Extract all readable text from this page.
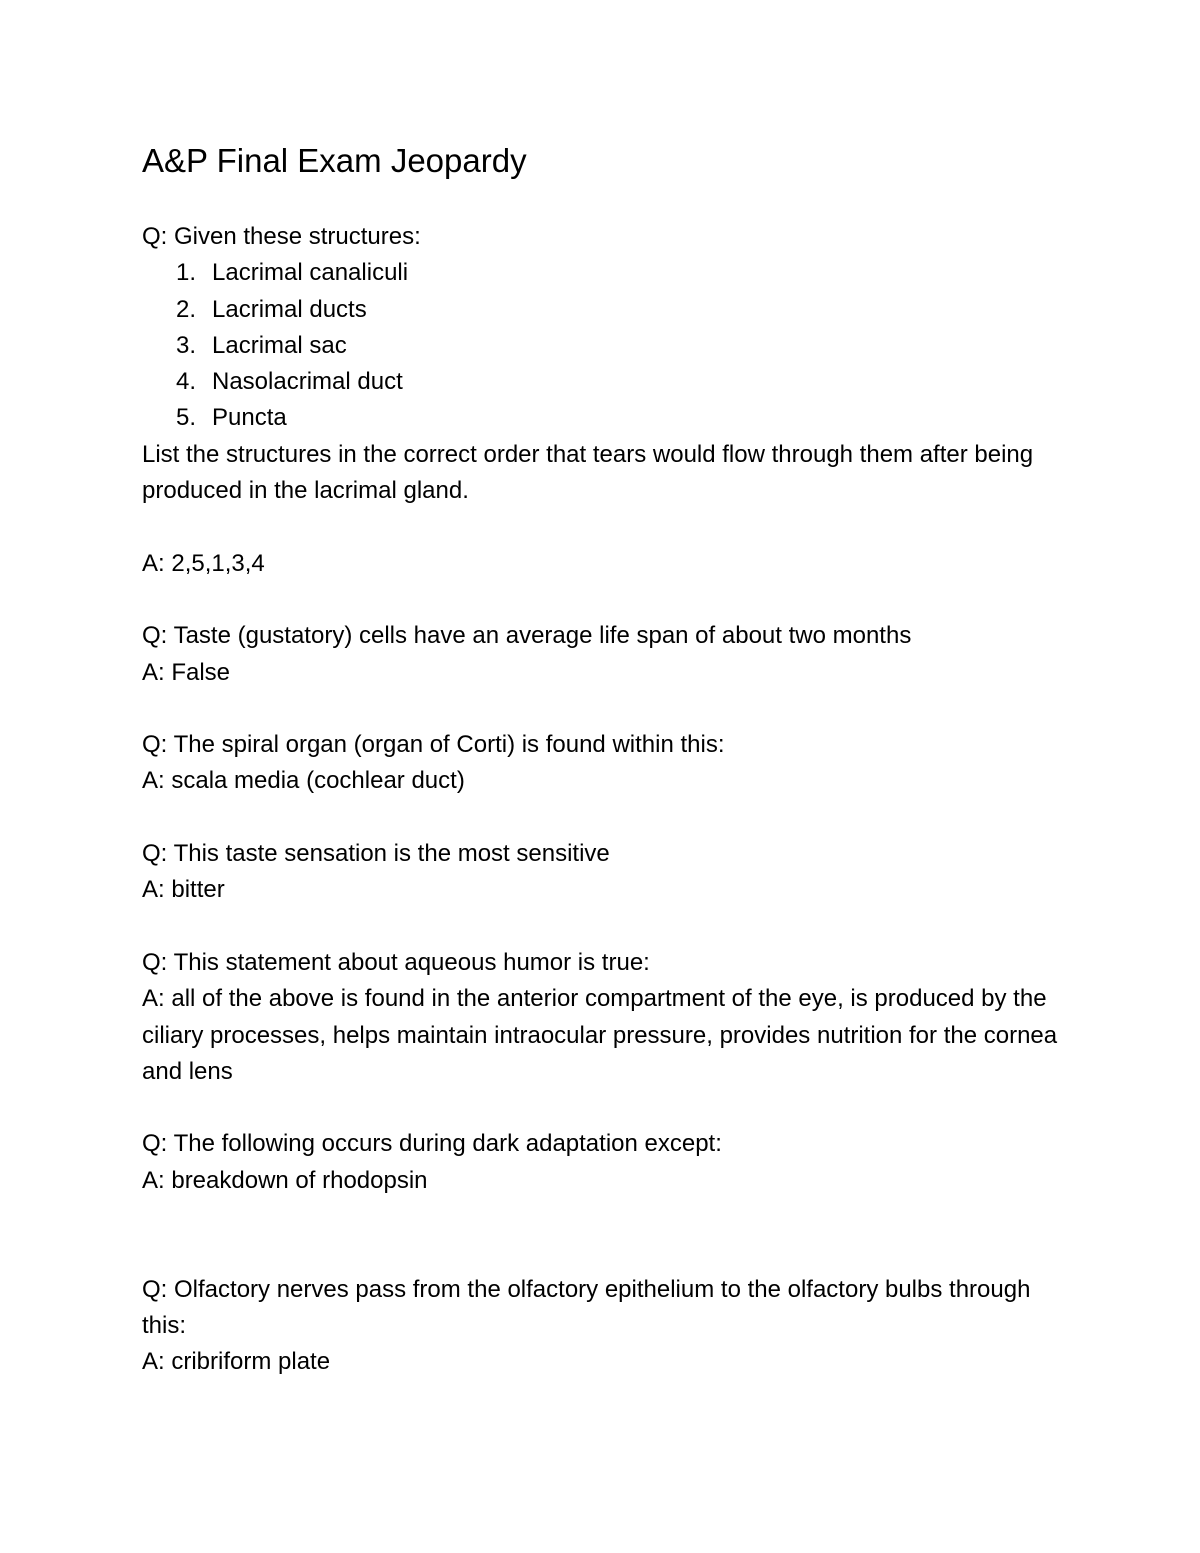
A&P Final Exam Jeopardy

Q: Given these structures:

1. Lacrimal canaliculi
2. Lacrimal ducts
3. Lacrimal sac
4. Nasolacrimal duct
5. Puncta

List the structures in the correct order that tears would flow through them after being produced in the lacrimal gland.

A: 2,5,1,3,4

Q: Taste (gustatory) cells have an average life span of about two months

A: False

Q: The spiral organ (organ of Corti) is found within this:

A: scala media (cochlear duct)

Q: This taste sensation is the most sensitive

A: bitter

Q: This statement about aqueous humor is true:

A: all of the above is found in the anterior compartment of the eye, is produced by the ciliary processes, helps maintain intraocular pressure, provides nutrition for the cornea and lens

Q: The following occurs during dark adaptation except:

A: breakdown of rhodopsin

Q: Olfactory nerves pass from the olfactory epithelium to the olfactory bulbs through this:

A: cribriform plate
